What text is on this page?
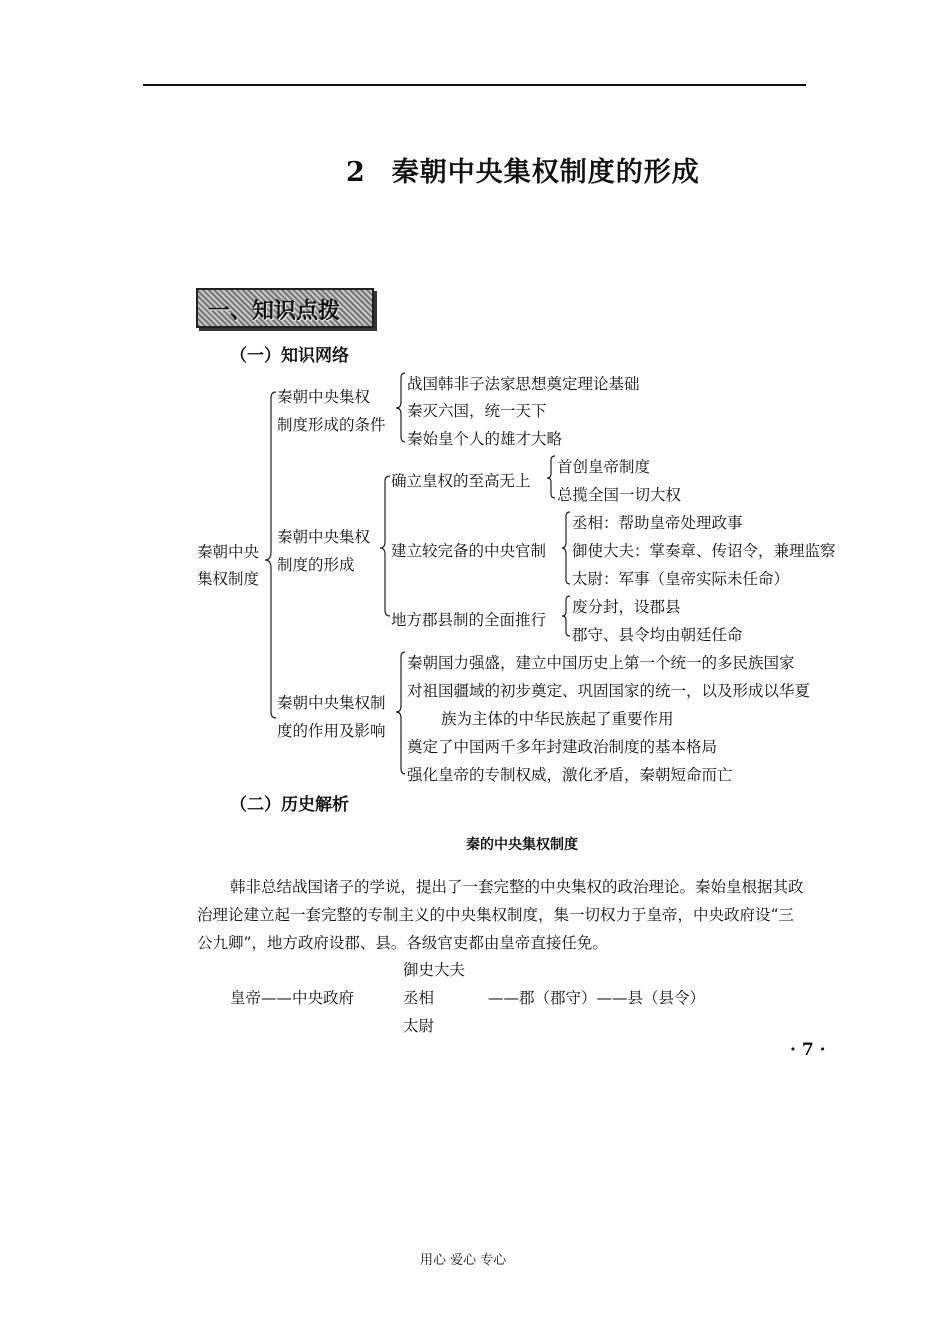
2 秦朝中央集权制度的形成
一、知识点拨
（一）知识网络
秦朝中央
集权制度
秦朝中央集权
制度形成的条件
战国韩非子法家思想奠定理论基础
秦灭六国，统一天下
秦始皇个人的雄才大略
秦朝中央集权
制度的形成
确立皇权的至高无上
首创皇帝制度
总揽全国一切大权
建立较完备的中央官制
丞相：帮助皇帝处理政事
御使大夫：掌奏章、传诏令，兼理监察
太尉：军事（皇帝实际未任命）
地方郡县制的全面推行
废分封，设郡县
郡守、县令均由朝廷任命
秦朝中央集权制
度的作用及影响
秦朝国力强盛，建立中国历史上第一个统一的多民族国家
对祖国疆域的初步奠定、巩固国家的统一，以及形成以华夏
族为主体的中华民族起了重要作用
奠定了中国两千多年封建政治制度的基本格局
强化皇帝的专制权威，激化矛盾，秦朝短命而亡
（二）历史解析
秦的中央集权制度
韩非总结战国诸子的学说，提出了一套完整的中央集权的政治理论。秦始皇根据其政
治理论建立起一套完整的专制主义的中央集权制度，集一切权力于皇帝，中央政府设“三
公九卿”，地方政府设郡、县。各级官吏都由皇帝直接任免。
御史大夫
皇帝——中央政府	丞相	——郡（郡守）——县（县令）
太尉
· 7 ·
用心 爱心 专心
